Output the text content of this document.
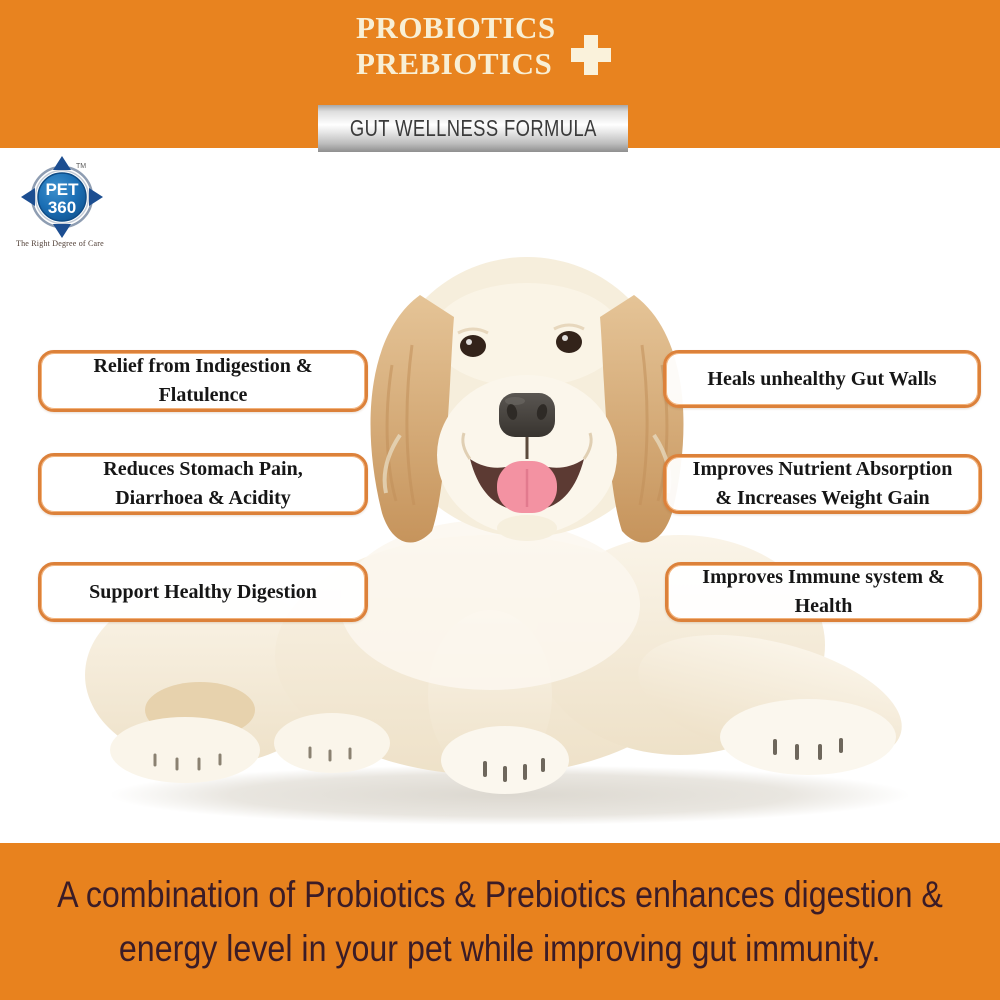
PROBIOTICS
PREBIOTICS
GUT WELLNESS FORMULA
PET
360
TM
The Right Degree of Care
Relief from Indigestion &
Flatulence
Reduces Stomach Pain,
Diarrhoea & Acidity
Support Healthy Digestion
Heals unhealthy Gut Walls
Improves Nutrient Absorption
& Increases Weight Gain
Improves Immune system &
Health
A combination of Probiotics & Prebiotics enhances digestion &
energy level in your pet while improving gut immunity.
